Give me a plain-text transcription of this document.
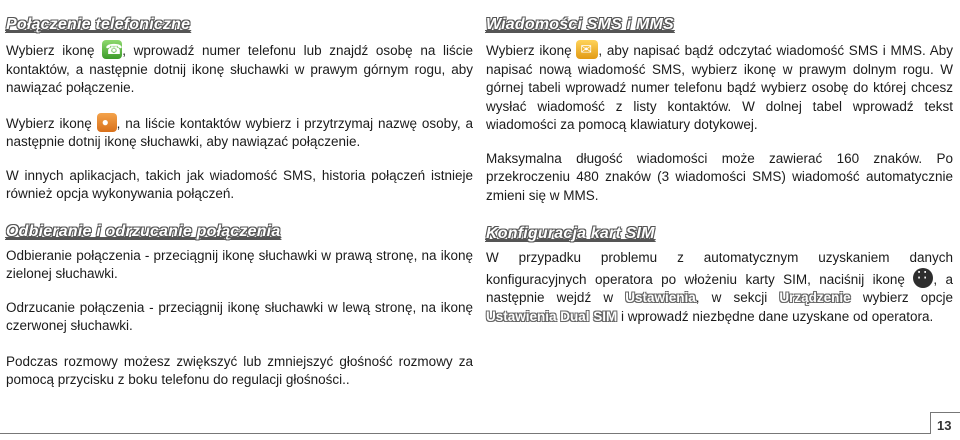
Połączenie telefoniczne

Wybierz ikonę ☎, wprowadź numer telefonu lub znajdź osobę na liście kontaktów, a następnie dotnij ikonę słuchawki w prawym górnym rogu, aby nawiązać połączenie.

Wybierz ikonę ●, na liście kontaktów wybierz i przytrzymaj nazwę osoby, a następnie dotnij ikonę słuchawki, aby nawiązać połączenie.

W innych aplikacjach, takich jak wiadomość SMS, historia połączeń istnieje również opcja wykonywania połączeń.

Odbieranie i odrzucanie połączenia

Odbieranie połączenia - przeciągnij ikonę słuchawki w prawą stronę, na ikonę zielonej słuchawki.

Odrzucanie połączenia - przeciągnij ikonę słuchawki w lewą stronę, na ikonę czerwonej słuchawki.

Podczas rozmowy możesz zwiększyć lub zmniejszyć głośność rozmowy za pomocą przycisku z boku telefonu do regulacji głośności..

Wiadomości SMS i MMS

Wybierz ikonę ✉, aby napisać bądź odczytać wiadomość SMS i MMS. Aby napisać nową wiadomość SMS, wybierz ikonę w prawym dolnym rogu. W górnej tabeli wprowadź numer telefonu bądź wybierz osobę do której chcesz wysłać wiadomość z listy kontaktów. W dolnej tabel wprowadź tekst wiadomości za pomocą klawiatury dotykowej.

Maksymalna długość wiadomości może zawierać 160 znaków. Po przekroczeniu 480 znaków (3 wiadomości SMS) wiadomość automatycznie zmieni się w MMS.

Konfiguracja kart SIM

W przypadku problemu z automatycznym uzyskaniem danych konfiguracyjnych operatora po włożeniu karty SIM, naciśnij ikonę ∷, a następnie wejdź w Ustawienia, w sekcji Urządzenie wybierz opcje Ustawienia Dual SIM i wprowadź niezbędne dane uzyskane od operatora.

13
